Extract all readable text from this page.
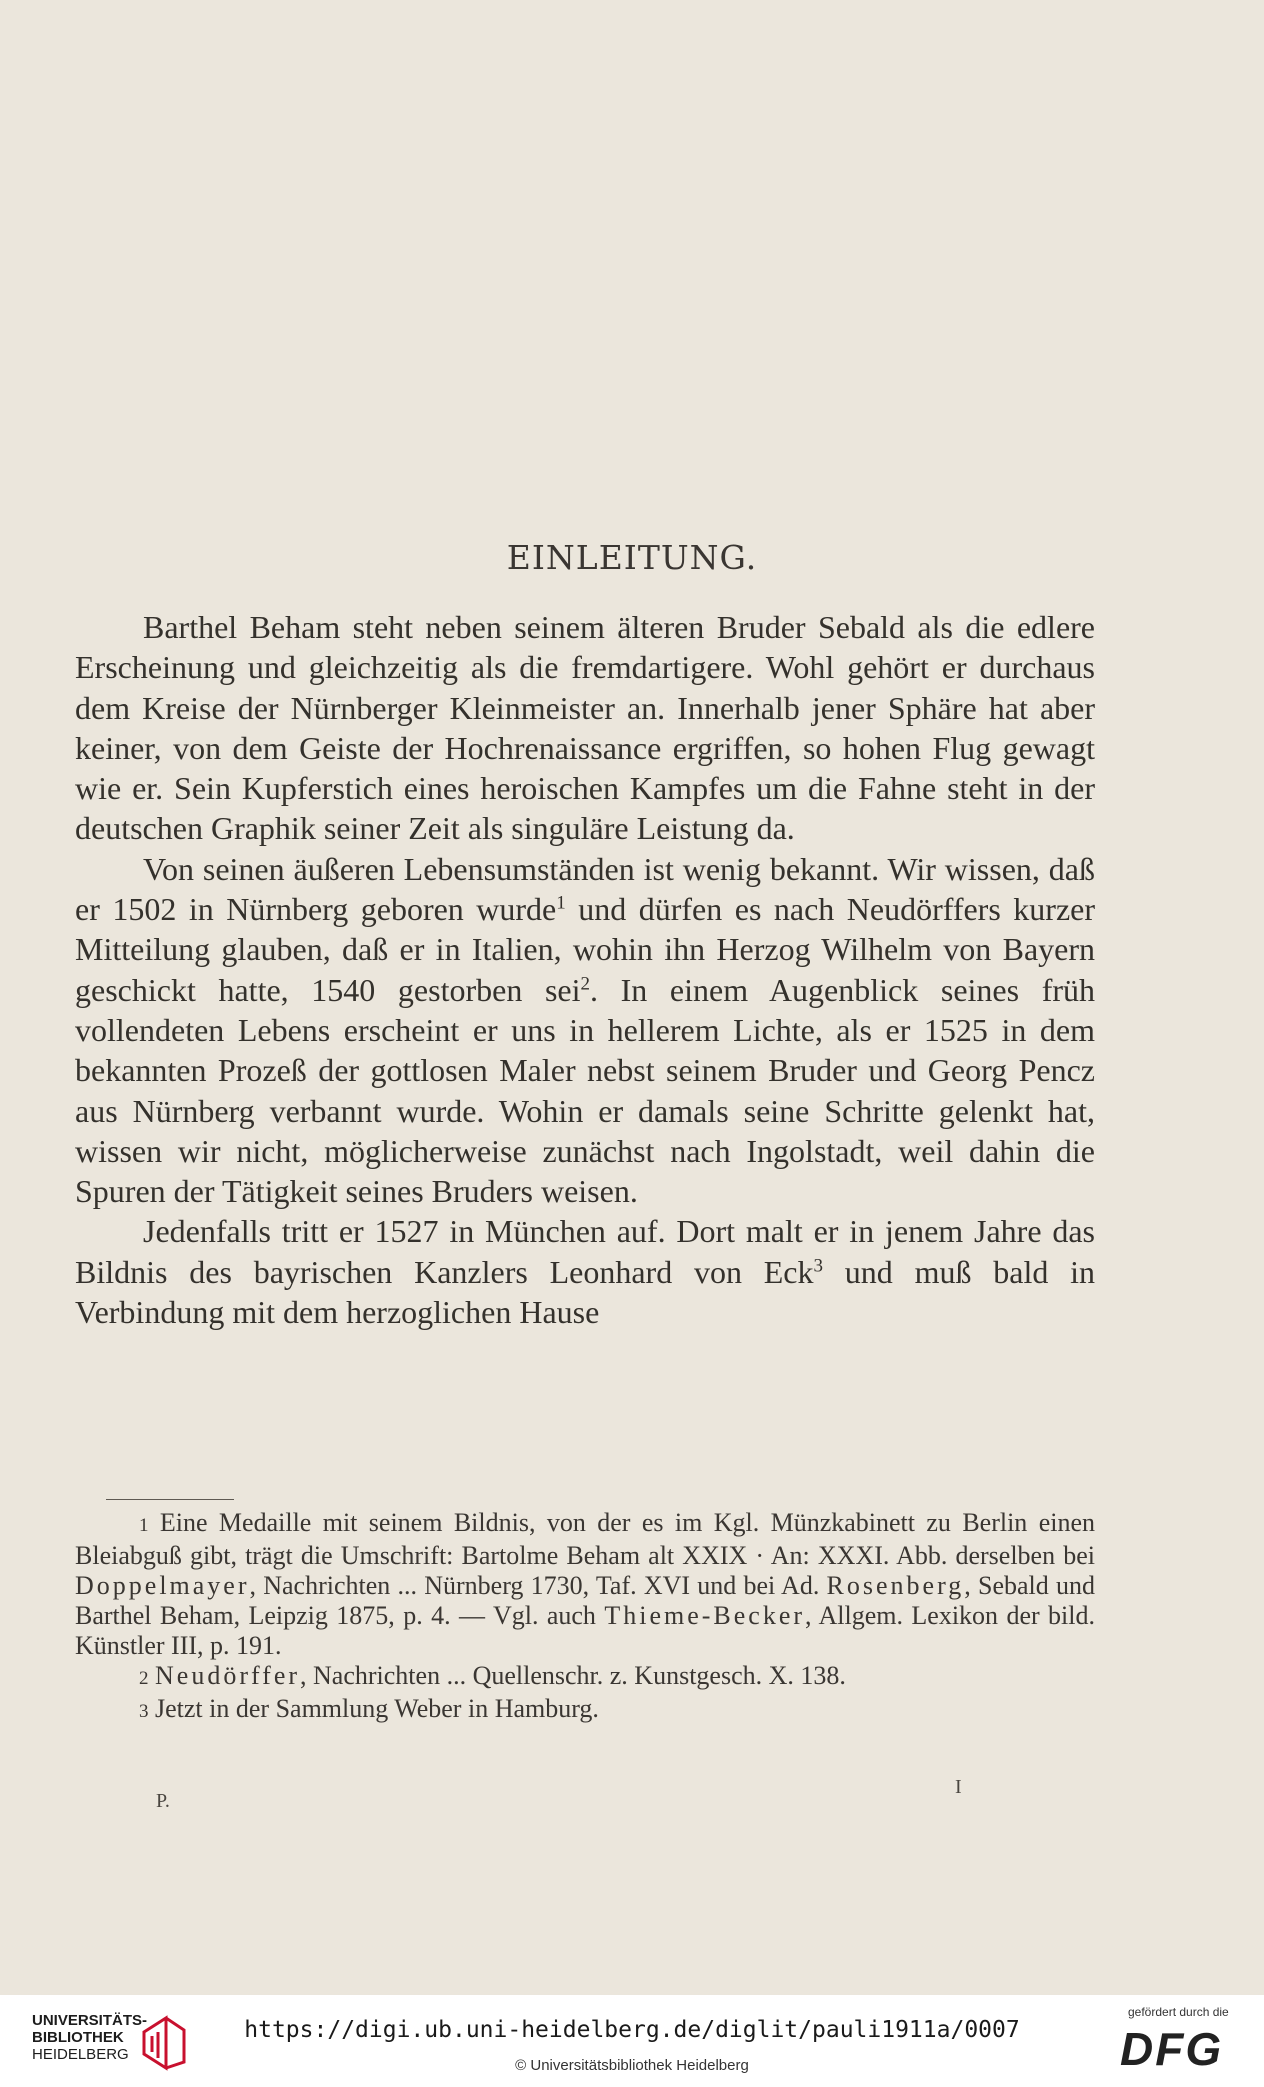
EINLEITUNG.

Barthel Beham steht neben seinem älteren Bruder Sebald als die edlere Erscheinung und gleichzeitig als die fremdartigere. Wohl gehört er durchaus dem Kreise der Nürnberger Kleinmeister an. Innerhalb jener Sphäre hat aber keiner, von dem Geiste der Hochrenaissance ergriffen, so hohen Flug gewagt wie er. Sein Kupferstich eines heroischen Kampfes um die Fahne steht in der deutschen Graphik seiner Zeit als singuläre Leistung da.

Von seinen äußeren Lebensumständen ist wenig bekannt. Wir wissen, daß er 1502 in Nürnberg geboren wurde$^1$ und dürfen es nach Neudörffers kurzer Mitteilung glauben, daß er in Italien, wohin ihn Herzog Wilhelm von Bayern geschickt hatte, 1540 gestorben sei$^2$. In einem Augenblick seines früh vollendeten Lebens erscheint er uns in hellerem Lichte, als er 1525 in dem bekannten Prozeß der gottlosen Maler nebst seinem Bruder und Georg Pencz aus Nürnberg verbannt wurde. Wohin er damals seine Schritte gelenkt hat, wissen wir nicht, möglicherweise zunächst nach Ingolstadt, weil dahin die Spuren der Tätigkeit seines Bruders weisen.

Jedenfalls tritt er 1527 in München auf. Dort malt er in jenem Jahre das Bildnis des bayrischen Kanzlers Leonhard von Eck$^3$ und muß bald in Verbindung mit dem herzoglichen Hause

1 Eine Medaille mit seinem Bildnis, von der es im Kgl. Münzkabinett zu Berlin einen Bleiabguß gibt, trägt die Umschrift: Bartolme Beham alt XXIX · An: XXXI. Abb. derselben bei Doppelmayer, Nachrichten ... Nürnberg 1730, Taf. XVI und bei Ad. Rosenberg, Sebald und Barthel Beham, Leipzig 1875, p. 4. — Vgl. auch Thieme-Becker, Allgem. Lexikon der bild. Künstler III, p. 191.

2 Neudörffer, Nachrichten ... Quellenschr. z. Kunstgesch. X. 138.

3 Jetzt in der Sammlung Weber in Hamburg.

P.
I
UNIVERSITÄTS-
BIBLIOTHEK
HEIDELBERG
https://digi.ub.uni-heidelberg.de/diglit/pauli1911a/0007
© Universitätsbibliothek Heidelberg
gefördert durch die
DFG
